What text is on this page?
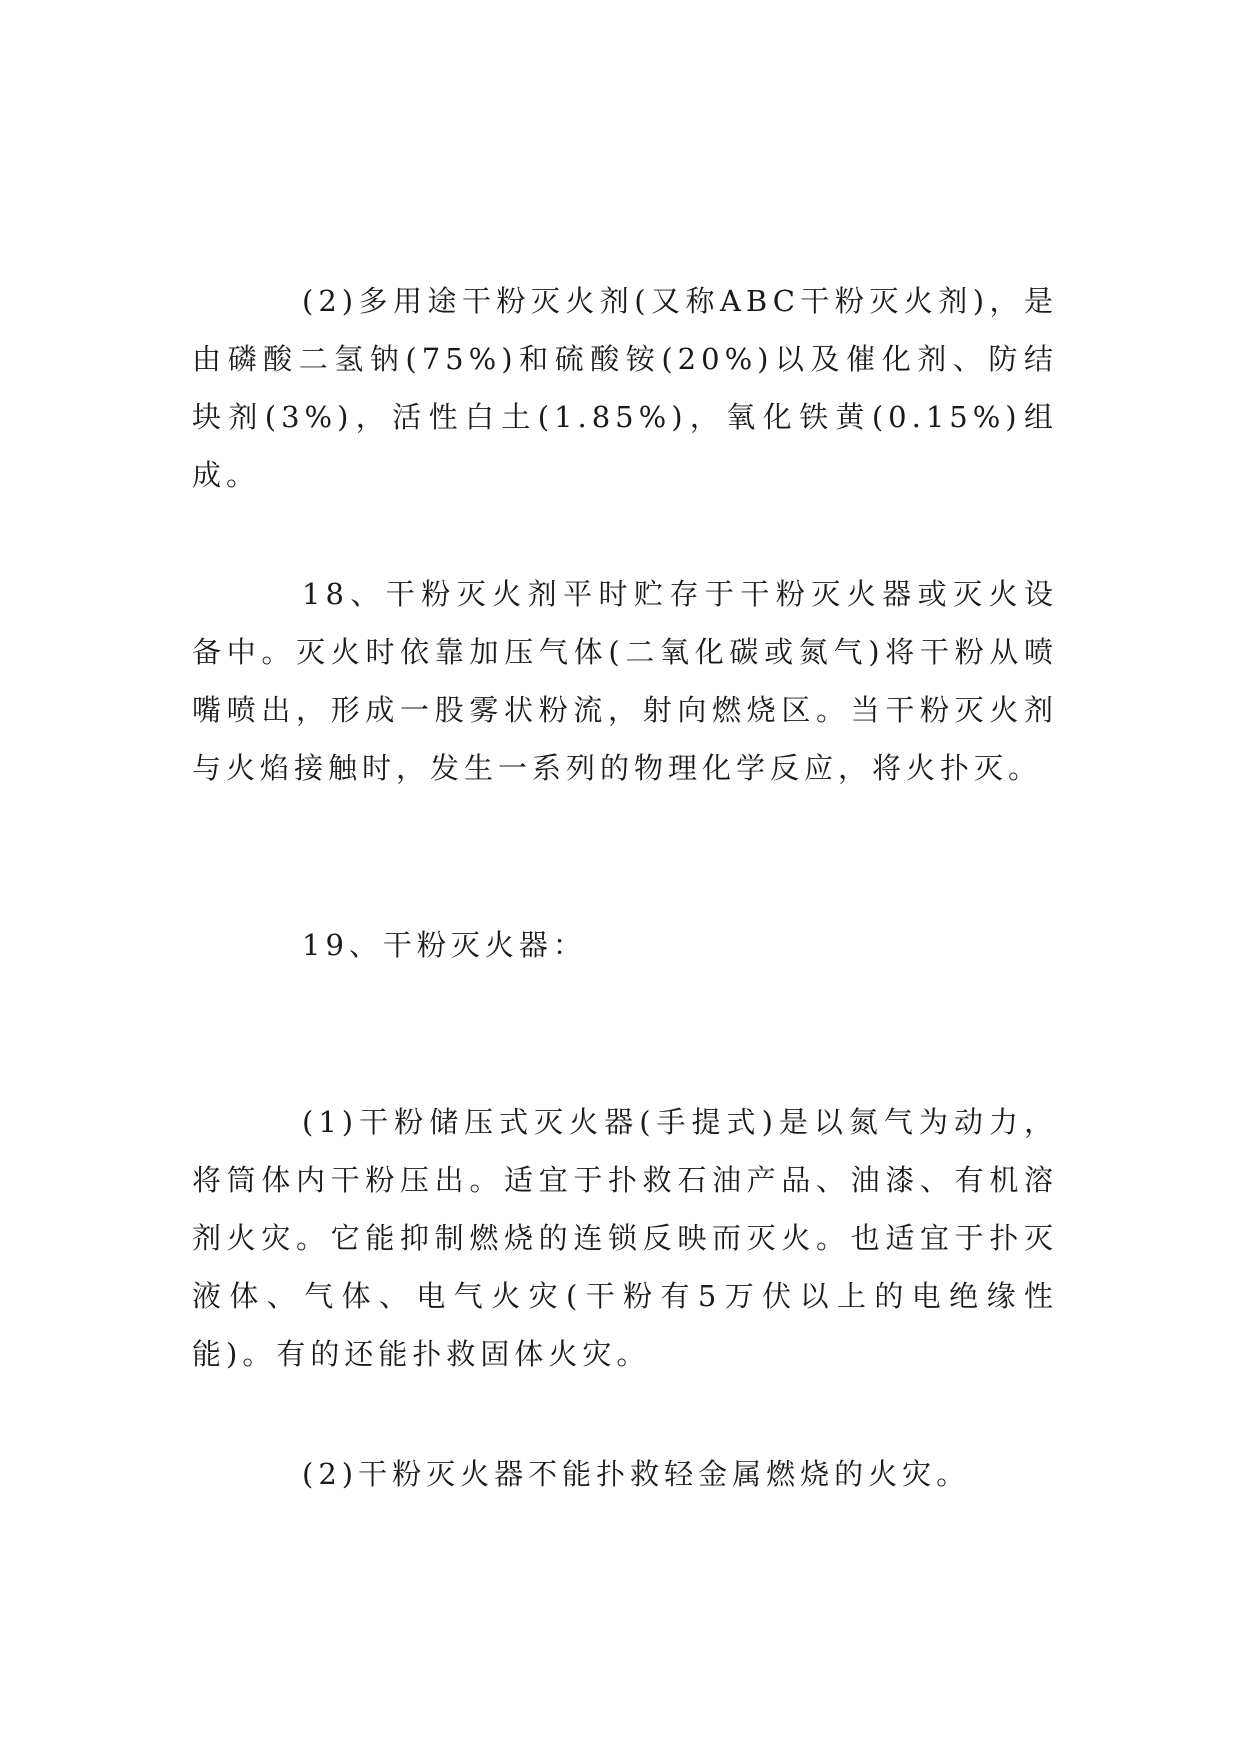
(2)多用途干粉灭火剂(又称ABC干粉灭火剂)，是由磷酸二氢钠(75%)和硫酸铵(20%)以及催化剂、防结块剂(3%)，活性白土(1.85%)，氧化铁黄(0.15%)组成。

18、干粉灭火剂平时贮存于干粉灭火器或灭火设备中。灭火时依靠加压气体(二氧化碳或氮气)将干粉从喷嘴喷出，形成一股雾状粉流，射向燃烧区。当干粉灭火剂与火焰接触时，发生一系列的物理化学反应，将火扑灭。

19、干粉灭火器：

(1)干粉储压式灭火器(手提式)是以氮气为动力，将筒体内干粉压出。适宜于扑救石油产品、油漆、有机溶剂火灾。它能抑制燃烧的连锁反映而灭火。也适宜于扑灭液体、气体、电气火灾(干粉有5万伏以上的电绝缘性能)。有的还能扑救固体火灾。

(2)干粉灭火器不能扑救轻金属燃烧的火灾。
